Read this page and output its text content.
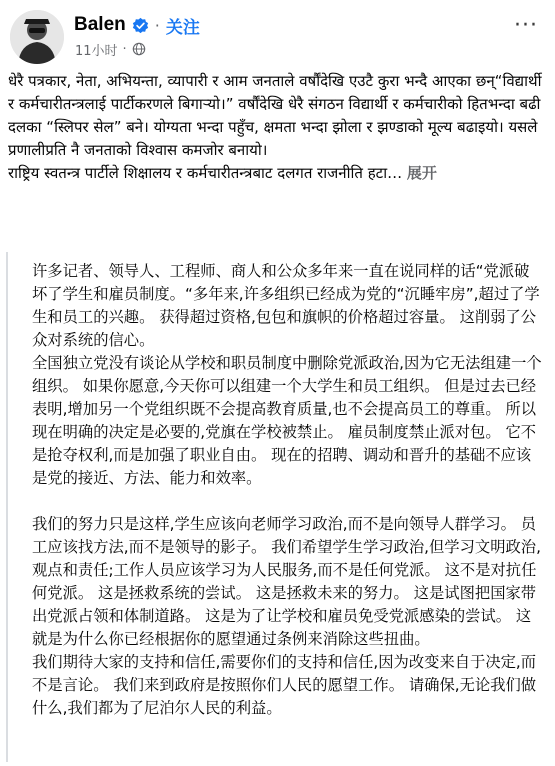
Balen · 关注
11小时 ·
···

धेरै पत्रकार, नेता, अभियन्ता, व्यापारी र आम जनताले वर्षौंदेखि एउटै कुरा भन्दै आएका छन्“विद्यार्थी र कर्मचारीतन्त्रलाई पार्टीकरणले बिगाऱ्यो।” वर्षौंदेखि धेरै संगठन विद्यार्थी र कर्मचारीको हितभन्दा बढी दलका “स्लिपर सेल” बने। योग्यता भन्दा पहुँच, क्षमता भन्दा झोला र झण्डाको मूल्य बढाइयो। यसले प्रणालीप्रति नै जनताको विश्वास कमजोर बनायो।

राष्ट्रिय स्वतन्त्र पार्टीले शिक्षालय र कर्मचारीतन्त्रबाट दलगत राजनीति हटा… 展开

许多记者、领导人、工程师、商人和公众多年来一直在说同样的话“党派破坏了学生和雇员制度。“多年来,许多组织已经成为党的“沉睡牢房”,超过了学生和员工的兴趣。 获得超过资格,包包和旗帜的价格超过容量。 这削弱了公众对系统的信心。

全国独立党没有谈论从学校和职员制度中删除党派政治,因为它无法组建一个组织。 如果你愿意,今天你可以组建一个大学生和员工组织。 但是过去已经表明,增加另一个党组织既不会提高教育质量,也不会提高员工的尊重。 所以现在明确的决定是必要的,党旗在学校被禁止。 雇员制度禁止派对包。 它不是抢夺权利,而是加强了职业自由。 现在的招聘、调动和晋升的基础不应该是党的接近、方法、能力和效率。

我们的努力只是这样,学生应该向老师学习政治,而不是向领导人群学习。 员工应该找方法,而不是领导的影子。 我们希望学生学习政治,但学习文明政治,观点和责任;工作人员应该学习为人民服务,而不是任何党派。 这不是对抗任何党派。 这是拯救系统的尝试。 这是拯救未来的努力。 这是试图把国家带出党派占领和体制道路。 这是为了让学校和雇员免受党派感染的尝试。 这就是为什么你已经根据你的愿望通过条例来消除这些扭曲。

我们期待大家的支持和信任,需要你们的支持和信任,因为改变来自于决定,而不是言论。 我们来到政府是按照你们人民的愿望工作。 请确保,无论我们做什么,我们都为了尼泊尔人民的利益。
